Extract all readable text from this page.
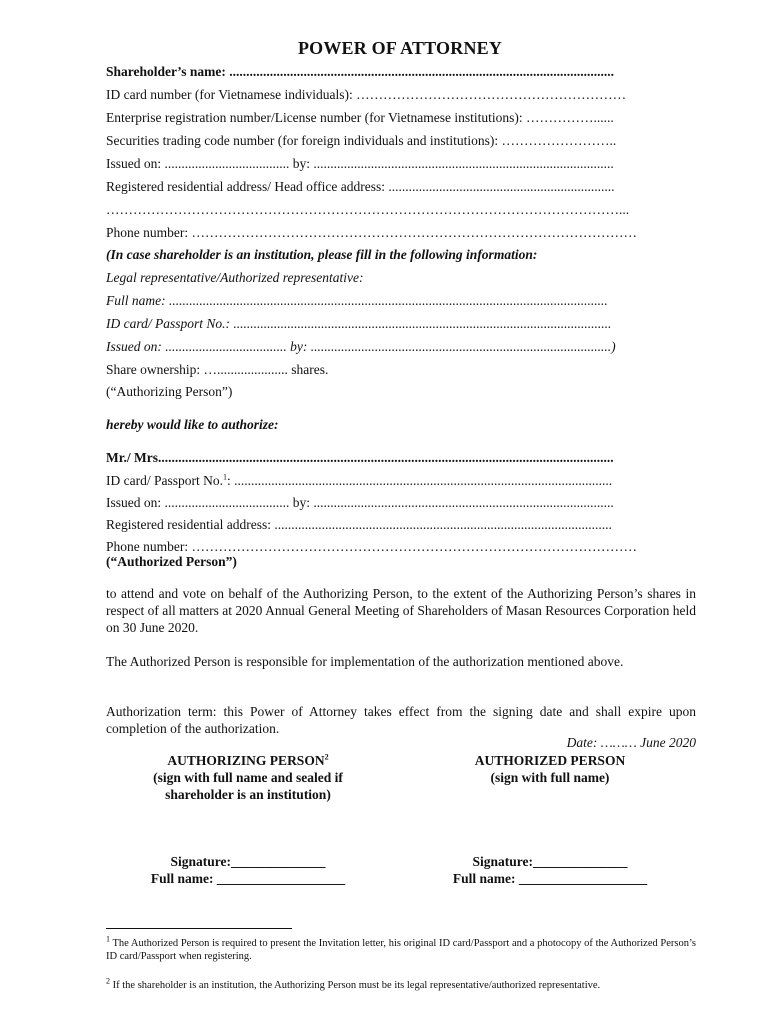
POWER OF ATTORNEY
Shareholder’s name: ..................................................................................................................
ID card number (for Vietnamese individuals): ……………………………………………………
Enterprise registration number/License number (for Vietnamese institutions): ……………......
Securities trading code number (for foreign individuals and institutions): ……………………..
Issued on: ..................................... by: .........................................................................................
Registered residential address/ Head office address: ...................................................................
……………………………………………………………………………………………………...
Phone number: ………………………………………………………………………………………
(In case shareholder is an institution, please fill in the following information:
Legal representative/Authorized representative:
Full name: ..................................................................................................................................
ID card/ Passport No.: ................................................................................................................
Issued on: .................................... by: .........................................................................................)
Share ownership: …..................... shares.
(“Authorizing Person”)
hereby would like to authorize:
Mr./ Mrs.......................................................................................................................................
ID card/ Passport No.$^1$: ................................................................................................................
Issued on: ..................................... by: .........................................................................................
Registered residential address: ....................................................................................................
Phone number: ………………………………………………………………………………………
(“Authorized Person”)
to attend and vote on behalf of the Authorizing Person, to the extent of the Authorizing Person’s shares in respect of all matters at 2020 Annual General Meeting of Shareholders of Masan Resources Corporation held on 30 June 2020.
The Authorized Person is responsible for implementation of the authorization mentioned above.
Authorization term: this Power of Attorney takes effect from the signing date and shall expire upon completion of the authorization.
Date: ……… June 2020
AUTHORIZING PERSON$^2$
(sign with full name and sealed if
shareholder is an institution)
AUTHORIZED PERSON
(sign with full name)
Signature:______________
Full name: ___________________
Signature:______________
Full name: ___________________
$^1$ The Authorized Person is required to present the Invitation letter, his original ID card/Passport and a photocopy of the Authorized Person’s ID card/Passport when registering.
$^2$ If the shareholder is an institution, the Authorizing Person must be its legal representative/authorized representative.
